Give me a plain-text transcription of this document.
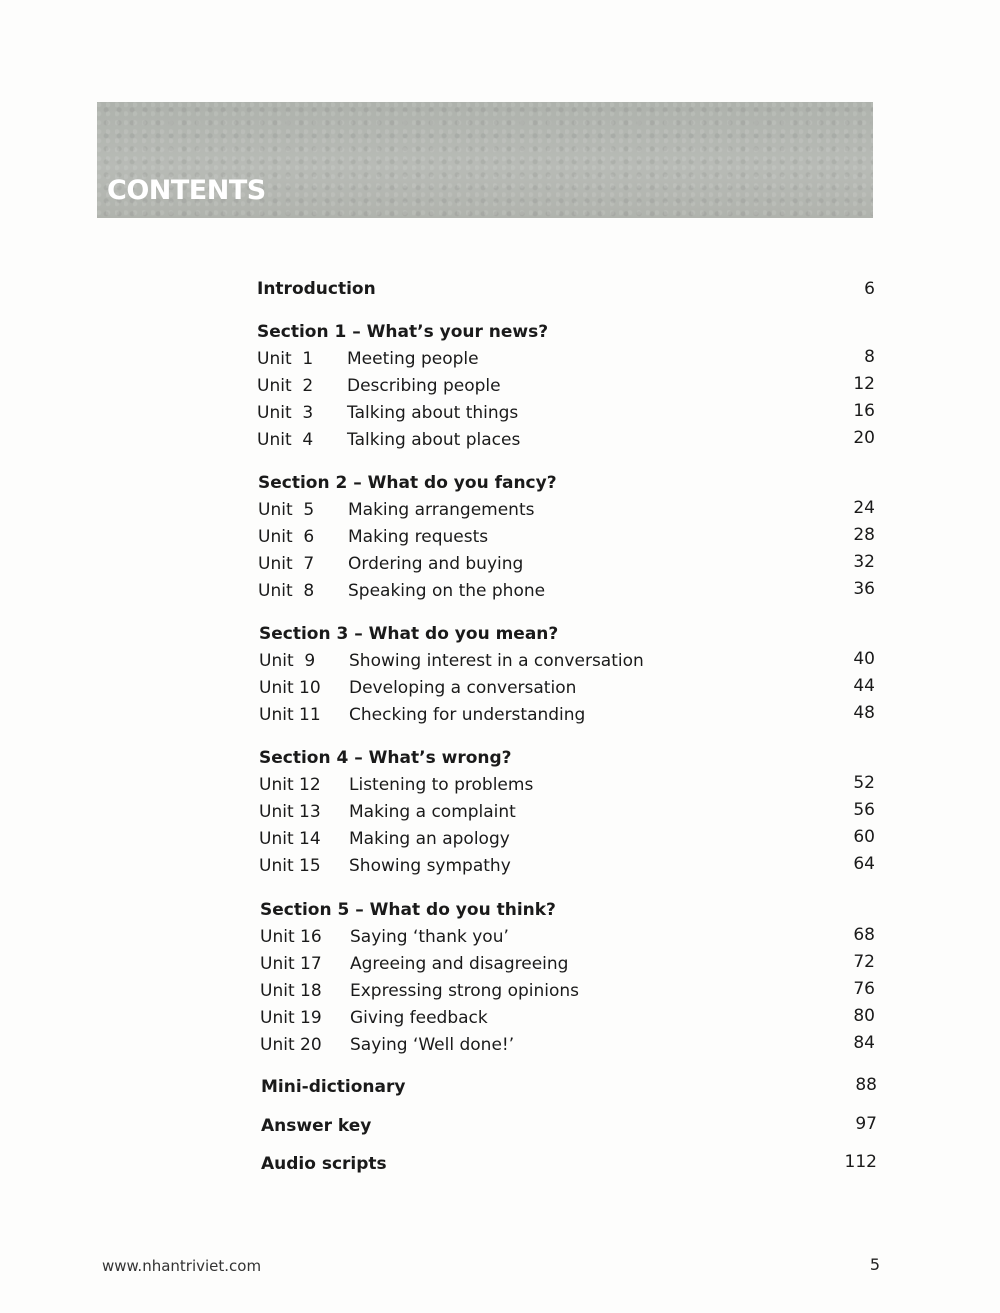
CONTENTS
Introduction	6
Section 1 – What’s your news?
Unit  1 Meeting people	8
Unit  2 Describing people	12
Unit  3 Talking about things	16
Unit  4 Talking about places	20
Section 2 – What do you fancy?
Unit  5 Making arrangements	24
Unit  6 Making requests	28
Unit  7 Ordering and buying	32
Unit  8 Speaking on the phone	36
Section 3 – What do you mean?
Unit  9 Showing interest in a conversation	40
Unit 10 Developing a conversation	44
Unit 11 Checking for understanding	48
Section 4 – What’s wrong?
Unit 12 Listening to problems	52
Unit 13 Making a complaint	56
Unit 14 Making an apology	60
Unit 15 Showing sympathy	64
Section 5 – What do you think?
Unit 16 Saying ‘thank you’	68
Unit 17 Agreeing and disagreeing	72
Unit 18 Expressing strong opinions	76
Unit 19 Giving feedback	80
Unit 20 Saying ‘Well done!’	84
Mini-dictionary	88
Answer key	97
Audio scripts	112
www.nhantriviet.com	5
